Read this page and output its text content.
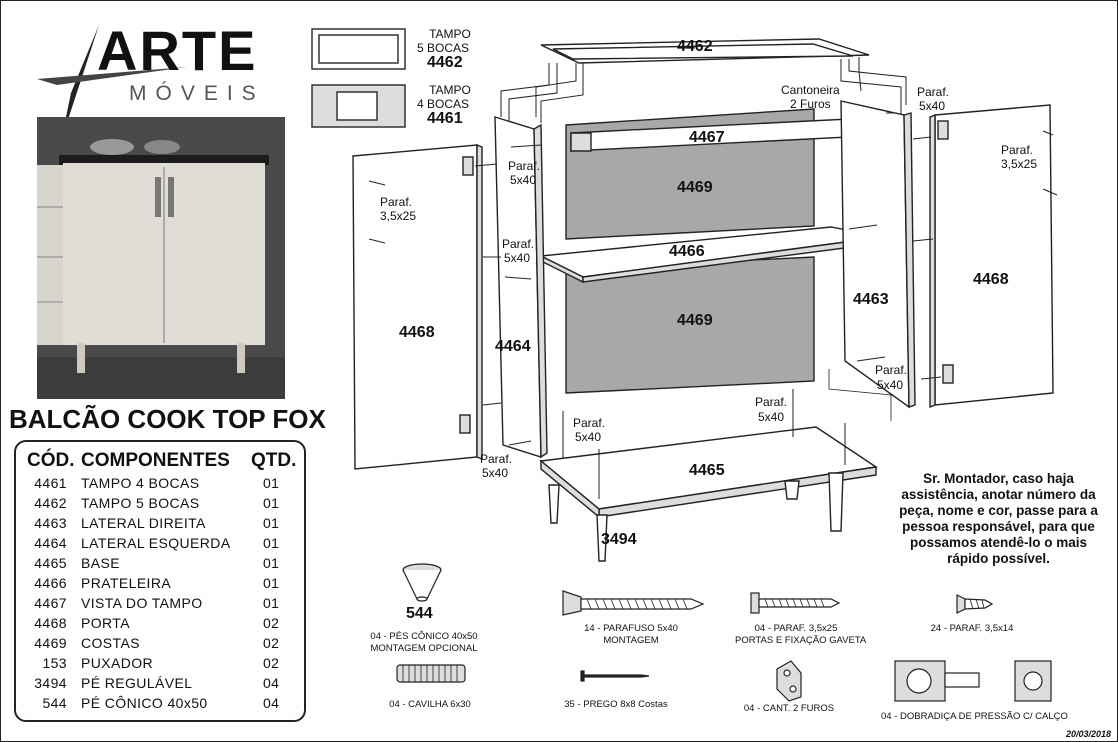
ARTE
MÓVEIS
BALCÃO COOK TOP FOX
CÓD. COMPONENTES QTD.
4461 TAMPO 4 BOCAS	01
4462 TAMPO 5 BOCAS	01
4463 LATERAL DIREITA	01
4464 LATERAL ESQUERDA 01
4465 BASE	01
4466 PRATELEIRA	01
4467 VISTA DO TAMPO	01
4468 PORTA	02
4469 COSTAS	02
153 PUXADOR	02
3494 PÉ REGULÁVEL	04
544 PÉ CÔNICO 40x50	04
TAMPO
5 BOCAS
4462
TAMPO
4 BOCAS
4461
4462
4467
4469
4466
4469
4465
4464
4463
4468
4468
3494
Cantoneira
2 Furos
Paraf.
5x40
Paraf.
5x40
Paraf.
3,5x25
Paraf.
3,5x25
Paraf.
5x40
Paraf.
5x40
Paraf.
5x40
Paraf.
5x40
Paraf.
5x40	Sr. Montador, caso haja assistência, anotar número da peça, nome e cor, passe para a pessoa responsável, para que possamos atendê-lo o mais rápido possível.
544
04 - PÉS CÔNICO 40x50
MONTAGEM OPCIONAL
14 - PARAFUSO 5x40
MONTAGEM
04 - PARAF. 3,5x25
PORTAS E FIXAÇÃO GAVETA
24 - PARAF. 3,5x14
04 - CAVILHA 6x30	35 - PREGO 8x8 Costas	04 - CANT. 2 FUROS
04 - DOBRADIÇA DE PRESSÃO C/ CALÇO
20/03/2018
